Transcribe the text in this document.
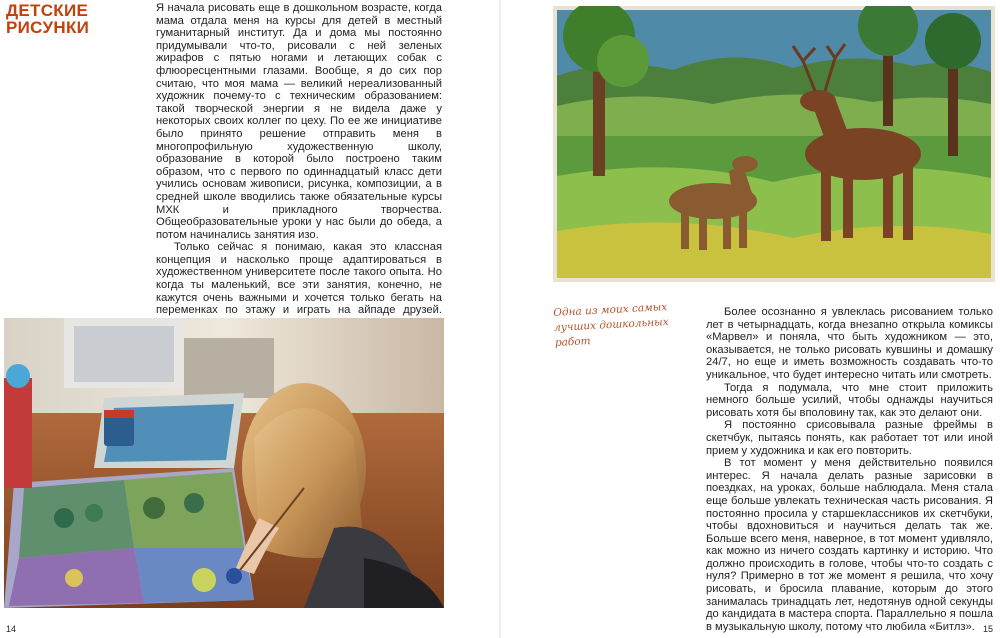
ДЕТСКИЕ
РИСУНКИ

Я начала рисовать еще в дошкольном возрасте, когда мама отдала меня на курсы для детей в местный гуманитарный институт. Да и дома мы постоянно придумывали что-то, рисовали с ней зеленых жирафов с пятью ногами и летающих собак с флюоресцентными глазами. Вообще, я до сих пор считаю, что моя мама — великий нереализованный художник почему-то с техническим образованием: такой творческой энергии я не видела даже у некоторых своих коллег по цеху. По ее же инициативе было принято решение отправить меня в многопрофильную художественную школу, образование в которой было построено таким образом, что с первого по одиннадцатый класс дети учились основам живописи, рисунка, композиции, а в средней школе вводились также обязательные курсы МХК и прикладного творчества. Общеобразовательные уроки у нас были до обеда, а потом начинались занятия изо.

Только сейчас я понимаю, какая это классная концепция и насколько проще адаптироваться в художественном университете после такого опыта. Но когда ты маленький, все эти занятия, конечно, не кажутся очень важными и хочется только бегать на переменках по этажу и играть на айпаде друзей.	Одна из моих самых
лучших дошкольных
работ

Более осознанно я увлеклась рисованием только лет в четырнадцать, когда внезапно открыла комиксы «Марвел» и поняла, что быть художником — это, оказывается, не только рисовать кувшины и домашку 24/7, но еще и иметь возможность создавать что-то уникальное, что будет интересно читать или смотреть.

Тогда я подумала, что мне стоит приложить немного больше усилий, чтобы однажды научиться рисовать хотя бы вполовину так, как это делают они.

Я постоянно срисовывала разные фреймы в скетчбук, пытаясь понять, как работает тот или иной прием у художника и как его повторить.

В тот момент у меня действительно появился интерес. Я начала делать разные зарисовки в поездках, на уроках, больше наблюдала. Меня стала еще больше увлекать техническая часть рисования. Я постоянно просила у старшеклассников их скетчбуки, чтобы вдохновиться и научиться делать так же. Больше всего меня, наверное, в тот момент удивляло, как можно из ничего создать картинку и историю. Что должно происходить в голове, чтобы что-то создать с нуля? Примерно в тот же момент я решила, что хочу рисовать, и бросила плавание, которым до этого занималась тринадцать лет, недотянув одной секунды до кандидата в мастера спорта. Параллельно я пошла в музыкальную школу, потому что любила «Битлз».

14	15
